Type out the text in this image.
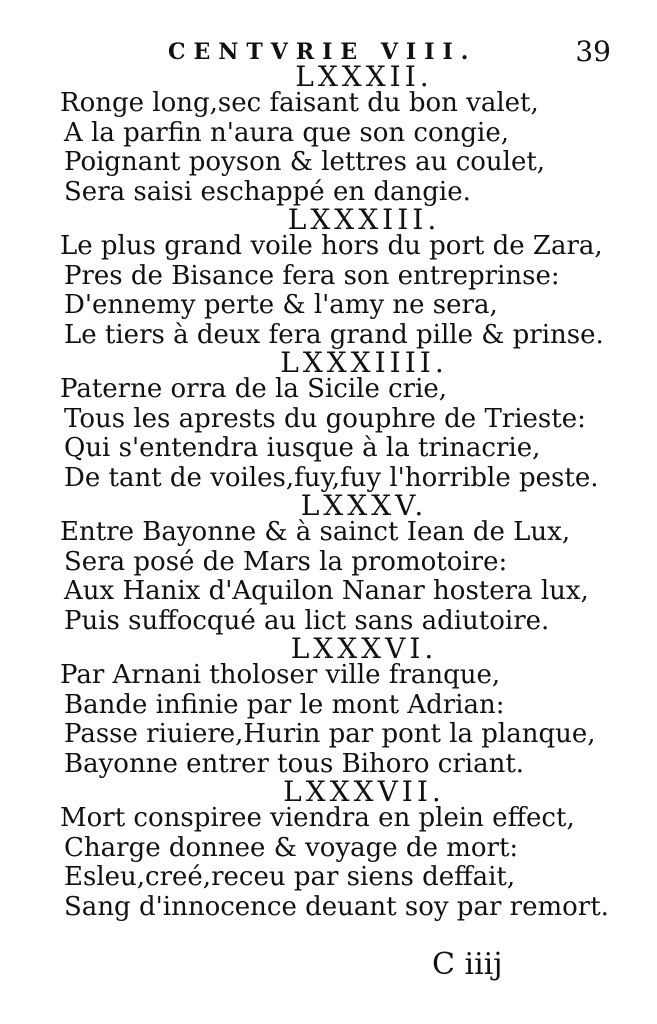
CENTVRIE VIII.	39
LXXXII.
Ronge long,sec faisant du bon valet,
A la parfin n'aura que son congie,
Poignant poyson & lettres au coulet,
Sera saisi eschappé en dangie.
LXXXIII.
Le plus grand voile hors du port de Zara,
Pres de Bisance fera son entreprinse:
D'ennemy perte & l'amy ne sera,
Le tiers à deux fera grand pille & prinse.
LXXXIIII.
Paterne orra de la Sicile crie,
Tous les aprests du gouphre de Trieste:
Qui s'entendra iusque à la trinacrie,
De tant de voiles,fuy,fuy l'horrible peste.
LXXXV.
Entre Bayonne & à sainct Iean de Lux,
Sera posé de Mars la promotoire:
Aux Hanix d'Aquilon Nanar hostera lux,
Puis suffocqué au lict sans adiutoire.
LXXXVI.
Par Arnani tholoser ville franque,
Bande infinie par le mont Adrian:
Passe riuiere,Hurin par pont la planque,
Bayonne entrer tous Bihoro criant.
LXXXVII.
Mort conspiree viendra en plein effect,
Charge donnee & voyage de mort:
Esleu,creé,receu par siens deffait,
Sang d'innocence deuant soy par remort.
C iiij
